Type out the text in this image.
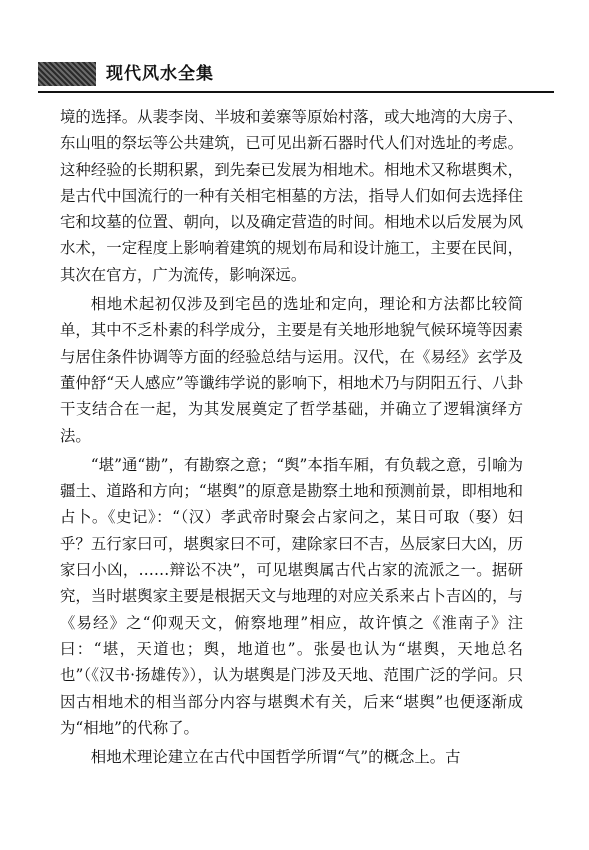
现代风水全集

境的选择。从裴李岗、半坡和姜寨等原始村落，或大地湾的大房子、东山咀的祭坛等公共建筑，已可见出新石器时代人们对选址的考虑。这种经验的长期积累，到先秦已发展为相地术。相地术又称堪舆术，是古代中国流行的一种有关相宅相墓的方法，指导人们如何去选择住宅和坟墓的位置、朝向，以及确定营造的时间。相地术以后发展为风水术，一定程度上影响着建筑的规划布局和设计施工，主要在民间，其次在官方，广为流传，影响深远。

相地术起初仅涉及到宅邑的选址和定向，理论和方法都比较简单，其中不乏朴素的科学成分，主要是有关地形地貌气候环境等因素与居住条件协调等方面的经验总结与运用。汉代，在《易经》玄学及董仲舒“天人感应”等谶纬学说的影响下，相地术乃与阴阳五行、八卦干支结合在一起，为其发展奠定了哲学基础，并确立了逻辑演绎方法。

“堪”通“勘”，有勘察之意；“舆”本指车厢，有负载之意，引喻为疆土、道路和方向；“堪舆”的原意是勘察土地和预测前景，即相地和占卜。《史记》：“（汉）孝武帝时聚会占家问之，某日可取（娶）妇乎？五行家曰可，堪舆家曰不可，建除家曰不吉，丛辰家曰大凶，历家曰小凶，……辩讼不决”，可见堪舆属古代占家的流派之一。据研究，当时堪舆家主要是根据天文与地理的对应关系来占卜吉凶的，与《易经》之“仰观天文，俯察地理”相应，故许慎之《淮南子》注曰：“堪，天道也；舆，地道也”。张晏也认为“堪舆，天地总名也”（《汉书·扬雄传》），认为堪舆是门涉及天地、范围广泛的学问。只因古相地术的相当部分内容与堪舆术有关，后来“堪舆”也便逐渐成为“相地”的代称了。

相地术理论建立在古代中国哲学所谓“气”的概念上。古
